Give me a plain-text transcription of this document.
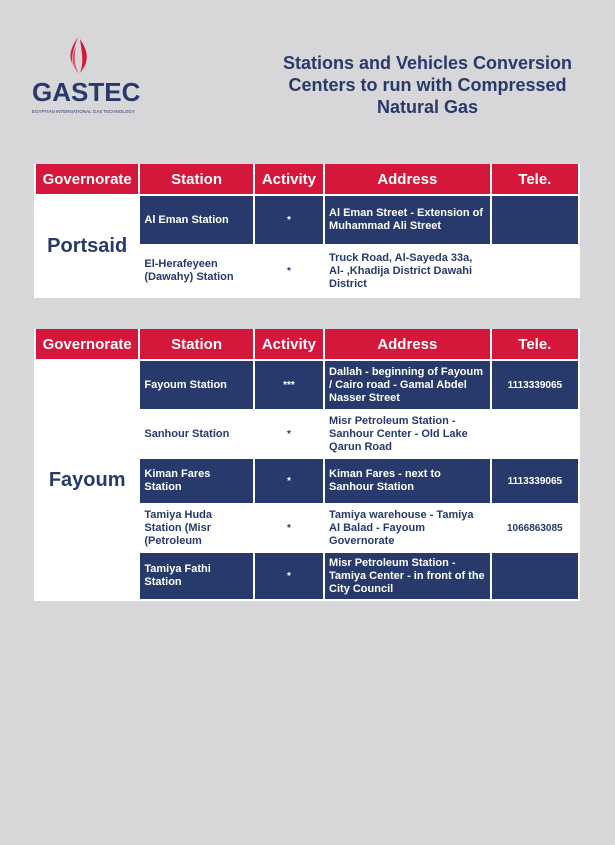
GASTEC
EGYPTIAN INTERNATIONAL GAS TECHNOLOGY
Stations and Vehicles Conversion
Centers to run with Compressed
Natural Gas
Governorate	Station	Activity	Address	Tele.
Portsaid	Al Eman Station	*	Al Eman Street - Extension of Muhammad Ali Street	
	El-Herafeyeen (Dawahy) Station	*	Truck Road, Al-Sayeda 33a, Al- ,Khadija District Dawahi District	
Governorate	Station	Activity	Address	Tele.
Fayoum	Fayoum Station	***	Dallah - beginning of Fayoum / Cairo road - Gamal Abdel Nasser Street	1113339065
	Sanhour Station	*	Misr Petroleum Station - Sanhour Center - Old Lake Qarun Road	
	Kiman Fares Station	*	Kiman Fares - next to Sanhour Station	1113339065
	Tamiya Huda Station (Misr (Petroleum	*	Tamiya warehouse - Tamiya Al Balad - Fayoum Governorate	1066863085
	Tamiya Fathi Station	*	Misr Petroleum Station - Tamiya Center - in front of the City Council	
